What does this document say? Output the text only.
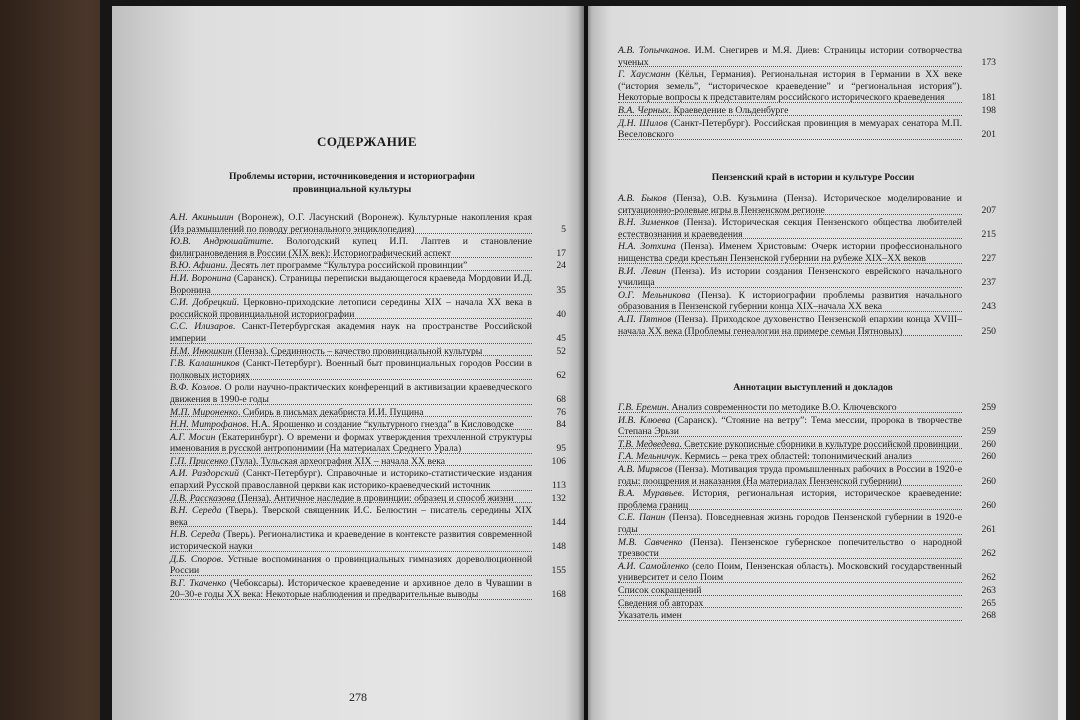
СОДЕРЖАНИЕ
Проблемы истории, источниковедения и историографии провинциальной культуры
А.Н. Акиньшин (Воронеж), О.Г. Ласунский (Воронеж). Культурные накопления края (Из размышлений по поводу регионального энциклопедия)	5
Ю.В. Андрюшайтите. Вологодский купец И.П. Лаптев и становление филиграноведения в России (XIX век): Историографический аспект	17
В.Ю. Афиани. Десять лет программе “Культура российской провинции”	24
Н.И. Воронина (Саранск). Страницы переписки выдающегося краеведа Мордовии И.Д. Воронина	35
С.И. Добрецкий. Церковно-приходские летописи середины XIX – начала XX века в российской провинциальной историографии	40
С.С. Илизаров. Санкт-Петербургская академия наук на пространстве Российской империи	45
Н.М. Инюшкин (Пенза). Срединность – качество провинциальной культуры	52
Г.В. Калашников (Санкт-Петербург). Военный быт провинциальных городов России в полковых историях	62
В.Ф. Козлов. О роли научно-практических конференций в активизации краеведческого движения в 1990-е годы	68
М.П. Мироненко. Сибирь в письмах декабриста И.И. Пущина	76
Н.Н. Митрофанов. Н.А. Ярошенко и создание “культурного гнезда” в Кисловодске	84
А.Г. Мосин (Екатеринбург). О времени и формах утверждения трехчленной структуры именования в русской антропонимии (На материалах Среднего Урала)	95
Г.П. Присенко (Тула). Тульская археография XIX – начала XX века	106
А.И. Раздорский (Санкт-Петербург). Справочные и историко-статистические издания епархий Русской православной церкви как историко-краеведческий источник	113
Л.В. Рассказова (Пенза). Античное наследие в провинции: образец и способ жизни	132
В.Н. Середа (Тверь). Тверской священник И.С. Белюстин – писатель середины XIX века	144
Н.В. Середа (Тверь). Регионалистика и краеведение в контексте развития современной исторической науки	148
Д.Б. Споров. Устные воспоминания о провинциальных гимназиях дореволюционной России	155
В.Г. Ткаченко (Чебоксары). Историческое краеведение и архивное дело в Чувашии в 20–30-е годы XX века: Некоторые наблюдения и предварительные выводы	168
278
А.В. Топычканов. И.М. Снегирев и М.Я. Диев: Страницы истории сотворчества ученых	173
Г. Хаусманн (Кёльн, Германия). Региональная история в Германии в XX веке (“история земель”, “историческое краеведение” и “региональная история”). Некоторые вопросы к представителям российского исторического краеведения	181
В.А. Черных. Краеведение в Ольденбурге	198
Д.Н. Шилов (Санкт-Петербург). Российская провинция в мемуарах сенатора М.П. Веселовского	201
Пензенский край в истории и культуре России
А.В. Быков (Пенза), О.В. Кузьмина (Пенза). Историческое моделирование и ситуационно-ролевые игры в Пензенском регионе	207
В.Н. Зименков (Пенза). Историческая секция Пензенского общества любителей естествознания и краеведения	215
Н.А. Зотхина (Пенза). Именем Христовым: Очерк истории профессионального нищенства среди крестьян Пензенской губернии на рубеже XIX–XX веков	227
В.И. Левин (Пенза). Из истории создания Пензенского еврейского начального училища	237
О.Г. Мельникова (Пенза). К историографии проблемы развития начального образования в Пензенской губернии конца XIX–начала XX века	243
А.П. Пятнов (Пенза). Приходское духовенство Пензенской епархии конца XVIII–начала XX века (Проблемы генеалогии на примере семьи Пятновых)	250
Аннотации выступлений и докладов
Г.В. Еремин. Анализ современности по методике В.О. Ключевского	259
И.В. Клюева (Саранск). “Стояние на ветру”: Тема мессии, пророка в творчестве Степана Эрьзи	259
Т.В. Медведева. Светские рукописные сборники в культуре российской провинции 260
Г.А. Мельничук. Кермись – река трех областей: топонимический анализ	260
А.В. Мирясов (Пенза). Мотивация труда промышленных рабочих в России в 1920-е годы: поощрения и наказания (На материалах Пензенской губернии)	260
В.А. Муравьев. История, региональная история, историческое краеведение: проблема границ	260
С.Е. Панин (Пенза). Повседневная жизнь городов Пензенской губернии в 1920-е годы	261
М.В. Савченко (Пенза). Пензенское губернское попечительство о народной трезвости	262
А.И. Самойленко (село Поим, Пензенская область). Московский государственный университет и село Поим	262
Список сокращений	263
Сведения об авторах	265
Указатель имен	268
